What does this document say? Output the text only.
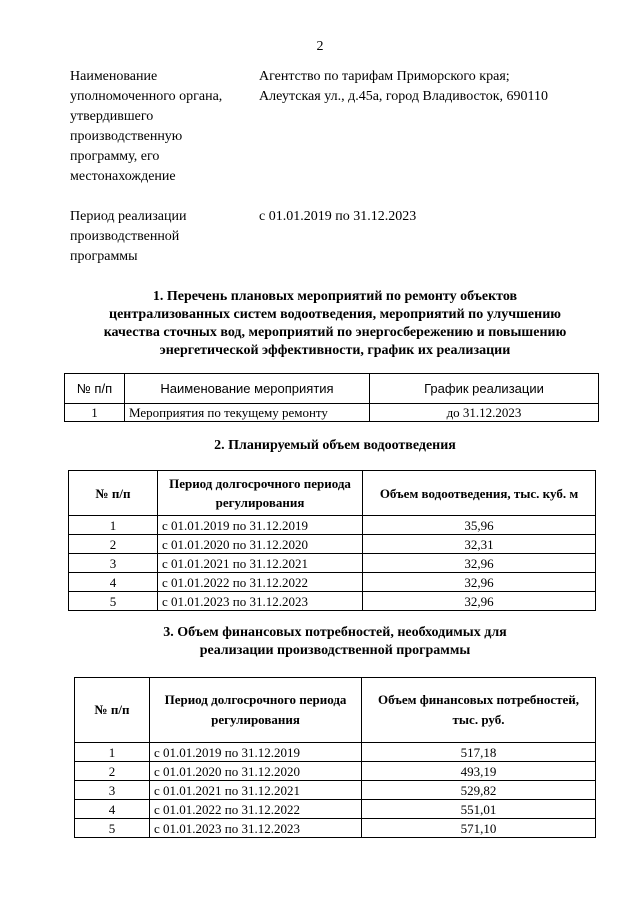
2
Наименование
уполномоченного органа,
утвердившего
производственную
программу, его
местонахождение
Агентство по тарифам Приморского края;
Алеутская ул., д.45а, город Владивосток, 690110
Период реализации
производственной
программы
с 01.01.2019 по 31.12.2023
1. Перечень плановых мероприятий по ремонту объектов
централизованных систем водоотведения, мероприятий по улучшению
качества сточных вод, мероприятий по энергосбережению и повышению
энергетической эффективности, график их реализации
№ п/п	Наименование мероприятия	График реализации
1	Мероприятия по текущему ремонту	до 31.12.2023
2. Планируемый объем водоотведения
№ п/п	Период долгосрочного периода регулирования	Объем водоотведения, тыс. куб. м
1	с 01.01.2019 по 31.12.2019	35,96
2	с 01.01.2020 по 31.12.2020	32,31
3	с 01.01.2021 по 31.12.2021	32,96
4	с 01.01.2022 по 31.12.2022	32,96
5	с 01.01.2023 по 31.12.2023	32,96
3. Объем финансовых потребностей, необходимых для
реализации производственной программы
№ п/п	Период долгосрочного периода регулирования	Объем финансовых потребностей, тыс. руб.
1	с 01.01.2019 по 31.12.2019	517,18
2	с 01.01.2020 по 31.12.2020	493,19
3	с 01.01.2021 по 31.12.2021	529,82
4	с 01.01.2022 по 31.12.2022	551,01
5	с 01.01.2023 по 31.12.2023	571,10
